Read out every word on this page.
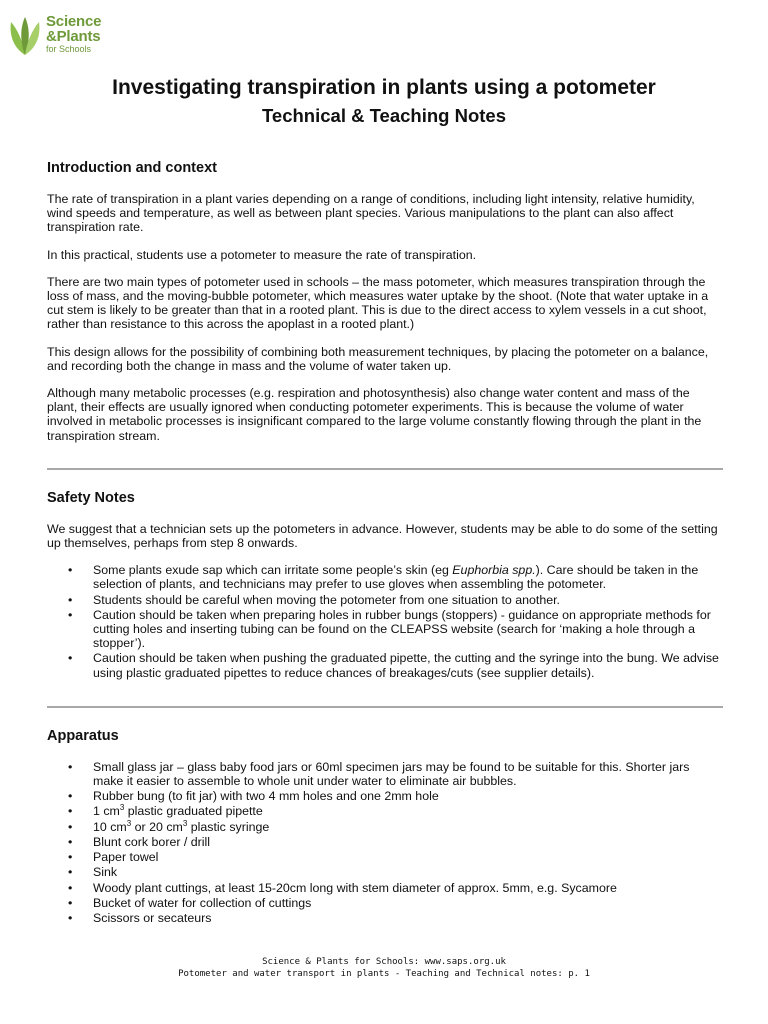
Science
&Plants
for Schools
Investigating transpiration in plants using a potometer
Technical & Teaching Notes
Introduction and context

The rate of transpiration in a plant varies depending on a range of conditions, including light intensity, relative humidity, wind speeds and temperature, as well as between plant species. Various manipulations to the plant can also affect transpiration rate.

In this practical, students use a potometer to measure the rate of transpiration.

There are two main types of potometer used in schools – the mass potometer, which measures transpiration through the loss of mass, and the moving-bubble potometer, which measures water uptake by the shoot. (Note that water uptake in a cut stem is likely to be greater than that in a rooted plant. This is due to the direct access to xylem vessels in a cut shoot, rather than resistance to this across the apoplast in a rooted plant.)

This design allows for the possibility of combining both measurement techniques, by placing the potometer on a balance, and recording both the change in mass and the volume of water taken up.

Although many metabolic processes (e.g. respiration and photosynthesis) also change water content and mass of the plant, their effects are usually ignored when conducting potometer experiments. This is because the volume of water involved in metabolic processes is insignificant compared to the large volume constantly flowing through the plant in the transpiration stream.

Safety Notes

We suggest that a technician sets up the potometers in advance. However, students may be able to do some of the setting up themselves, perhaps from step 8 onwards.

• Some plants exude sap which can irritate some people’s skin (eg Euphorbia spp.). Care should be taken in the selection of plants, and technicians may prefer to use gloves when assembling the potometer.
• Students should be careful when moving the potometer from one situation to another.
• Caution should be taken when preparing holes in rubber bungs (stoppers) - guidance on appropriate methods for cutting holes and inserting tubing can be found on the CLEAPSS website (search for ‘making a hole through a stopper’).
• Caution should be taken when pushing the graduated pipette, the cutting and the syringe into the bung. We advise using plastic graduated pipettes to reduce chances of breakages/cuts (see supplier details).
Apparatus
• Small glass jar – glass baby food jars or 60ml specimen jars may be found to be suitable for this. Shorter jars make it easier to assemble to whole unit under water to eliminate air bubbles.
• Rubber bung (to fit jar) with two 4 mm holes and one 2mm hole
• 1 $cm^3$ plastic graduated pipette
• 10 $cm^3$ or 20 $cm^3$ plastic syringe
• Blunt cork borer / drill
• Paper towel
• Sink
• Woody plant cuttings, at least 15-20cm long with stem diameter of approx. 5mm, e.g. Sycamore
• Bucket of water for collection of cuttings
• Scissors or secateurs
Science & Plants for Schools: www.saps.org.uk
Potometer and water transport in plants - Teaching and Technical notes: p. 1
